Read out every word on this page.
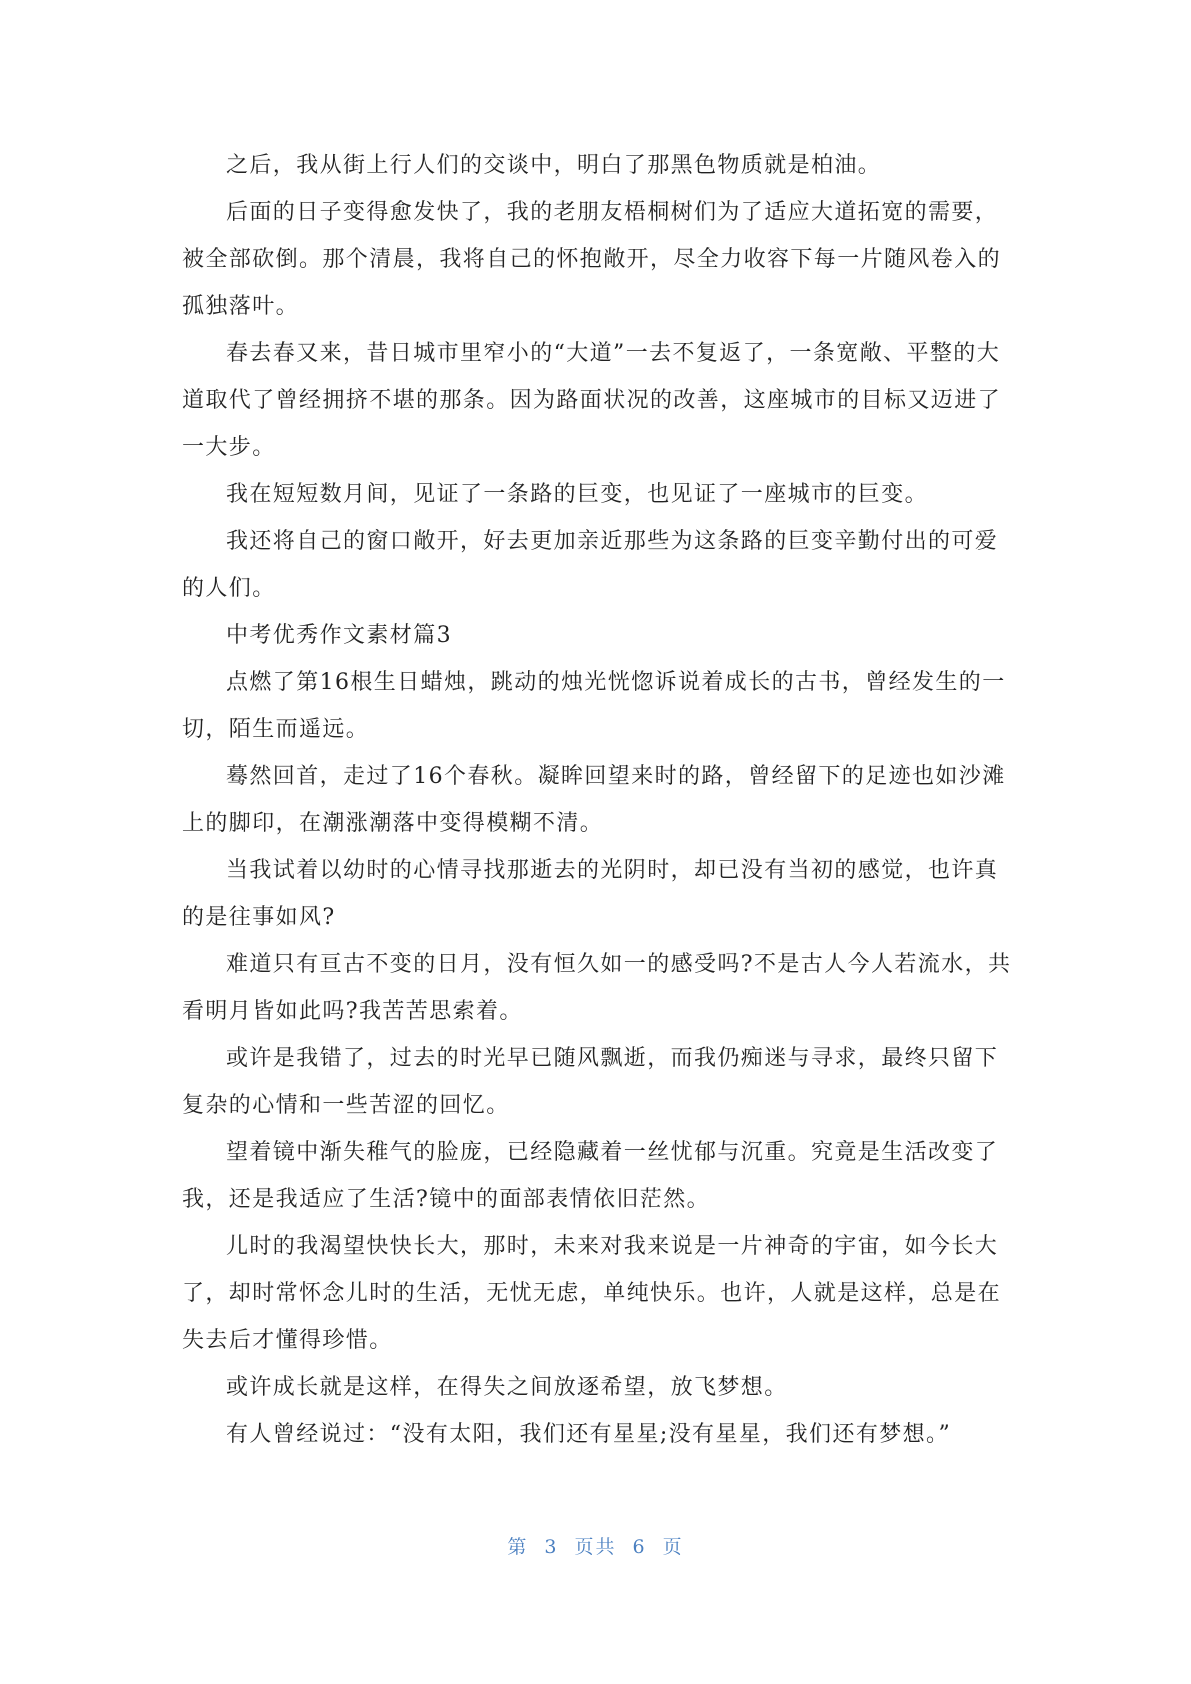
之后，我从街上行人们的交谈中，明白了那黑色物质就是柏油。

后面的日子变得愈发快了，我的老朋友梧桐树们为了适应大道拓宽的需要，被全部砍倒。那个清晨，我将自己的怀抱敞开，尽全力收容下每一片随风卷入的孤独落叶。

春去春又来，昔日城市里窄小的“大道”一去不复返了，一条宽敞、平整的大道取代了曾经拥挤不堪的那条。因为路面状况的改善，这座城市的目标又迈进了一大步。

我在短短数月间，见证了一条路的巨变，也见证了一座城市的巨变。

我还将自己的窗口敞开，好去更加亲近那些为这条路的巨变辛勤付出的可爱的人们。

中考优秀作文素材篇3

点燃了第16根生日蜡烛，跳动的烛光恍惚诉说着成长的古书，曾经发生的一切，陌生而遥远。

蓦然回首，走过了16个春秋。凝眸回望来时的路，曾经留下的足迹也如沙滩上的脚印，在潮涨潮落中变得模糊不清。

当我试着以幼时的心情寻找那逝去的光阴时，却已没有当初的感觉，也许真的是往事如风?

难道只有亘古不变的日月，没有恒久如一的感受吗?不是古人今人若流水，共看明月皆如此吗?我苦苦思索着。

或许是我错了，过去的时光早已随风飘逝，而我仍痴迷与寻求，最终只留下复杂的心情和一些苦涩的回忆。

望着镜中渐失稚气的脸庞，已经隐藏着一丝忧郁与沉重。究竟是生活改变了我，还是我适应了生活?镜中的面部表情依旧茫然。

儿时的我渴望快快长大，那时，未来对我来说是一片神奇的宇宙，如今长大了，却时常怀念儿时的生活，无忧无虑，单纯快乐。也许，人就是这样，总是在失去后才懂得珍惜。

或许成长就是这样，在得失之间放逐希望，放飞梦想。

有人曾经说过：“没有太阳，我们还有星星;没有星星，我们还有梦想。”

第 3 页共 6 页
